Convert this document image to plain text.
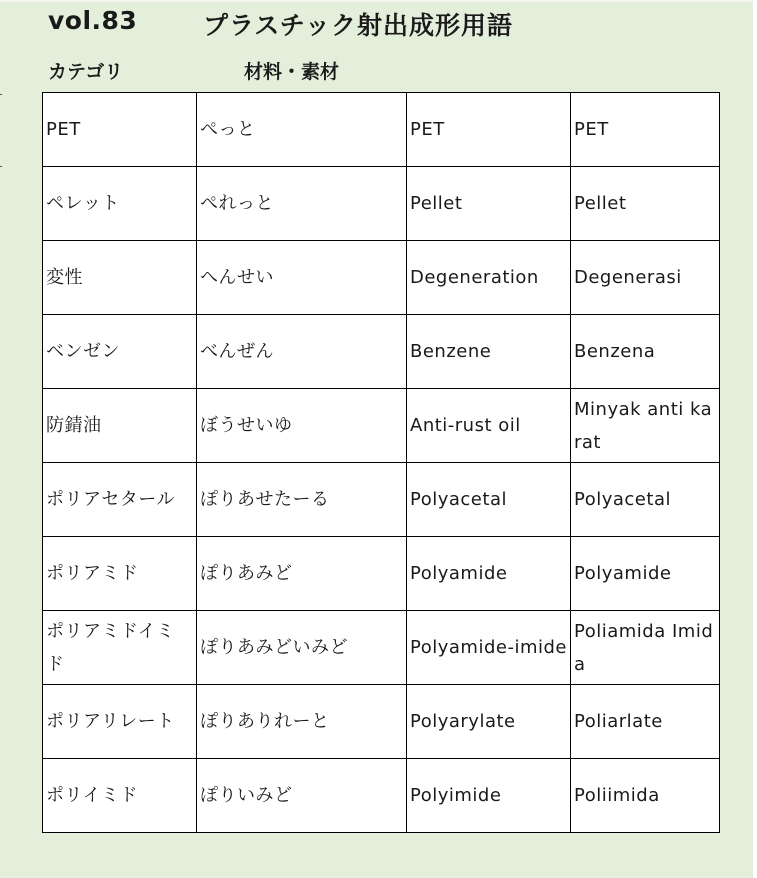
vol.83	プラスチック射出成形用語
カテゴリ	材料・素材
PET	ぺっと	PET	PET
ペレット	ぺれっと	Pellet	Pellet
変性	へんせい	Degeneration	Degenerasi
ベンゼン	べんぜん	Benzene	Benzena
防錆油	ぼうせいゆ	Anti-rust oil	Minyak anti karat
ポリアセタール	ぽりあせたーる	Polyacetal	Polyacetal
ポリアミド	ぽりあみど	Polyamide	Polyamide
ポリアミドイミド	ぽりあみどいみど	Polyamide-imide	Poliamida Imida
ポリアリレート	ぽりありれーと	Polyarylate	Poliarlate
ポリイミド	ぽりいみど	Polyimide	Poliimida
